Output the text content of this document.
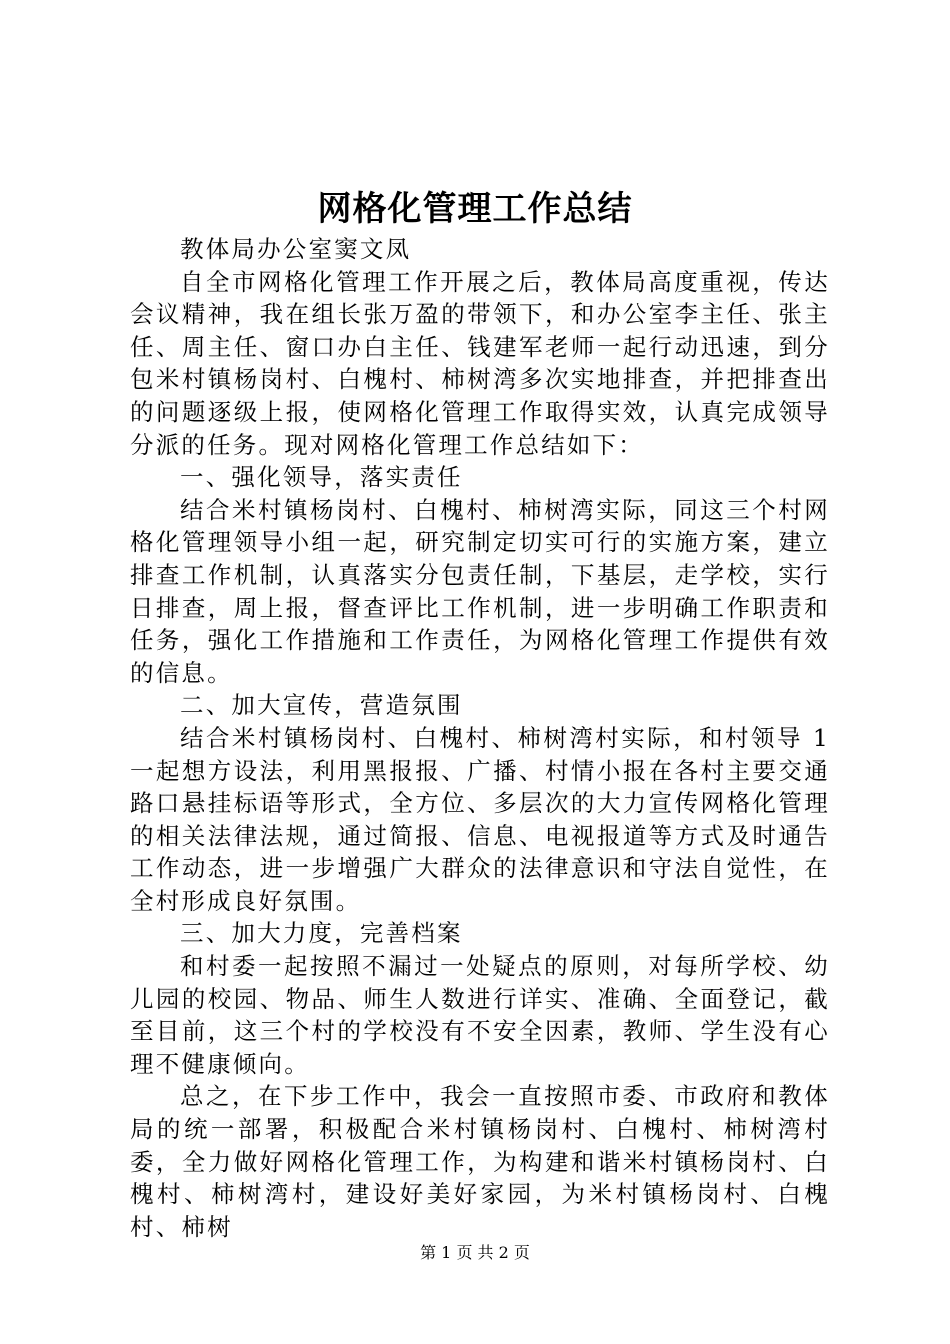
网格化管理工作总结

教体局办公室窦文凤

自全市网格化管理工作开展之后，教体局高度重视，传达会议精神，我在组长张万盈的带领下，和办公室李主任、张主任、周主任、窗口办白主任、钱建军老师一起行动迅速，到分包米村镇杨岗村、白槐村、柿树湾多次实地排查，并把排查出的问题逐级上报，使网格化管理工作取得实效，认真完成领导分派的任务。现对网格化管理工作总结如下：

一、强化领导，落实责任

结合米村镇杨岗村、白槐村、柿树湾实际，同这三个村网格化管理领导小组一起，研究制定切实可行的实施方案，建立排查工作机制，认真落实分包责任制，下基层，走学校，实行日排查，周上报，督查评比工作机制，进一步明确工作职责和任务，强化工作措施和工作责任，为网格化管理工作提供有效的信息。

二、加大宣传，营造氛围

结合米村镇杨岗村、白槐村、柿树湾村实际，和村领导 1 一起想方设法，利用黑报报、广播、村情小报在各村主要交通路口悬挂标语等形式，全方位、多层次的大力宣传网格化管理的相关法律法规，通过简报、信息、电视报道等方式及时通告工作动态，进一步增强广大群众的法律意识和守法自觉性，在全村形成良好氛围。

三、加大力度，完善档案

和村委一起按照不漏过一处疑点的原则，对每所学校、幼儿园的校园、物品、师生人数进行详实、准确、全面登记，截至目前，这三个村的学校没有不安全因素，教师、学生没有心理不健康倾向。

总之，在下步工作中，我会一直按照市委、市政府和教体局的统一部署，积极配合米村镇杨岗村、白槐村、柿树湾村委，全力做好网格化管理工作，为构建和谐米村镇杨岗村、白槐村、柿树湾村，建设好美好家园，为米村镇杨岗村、白槐村、柿树

第 1 页 共 2 页
